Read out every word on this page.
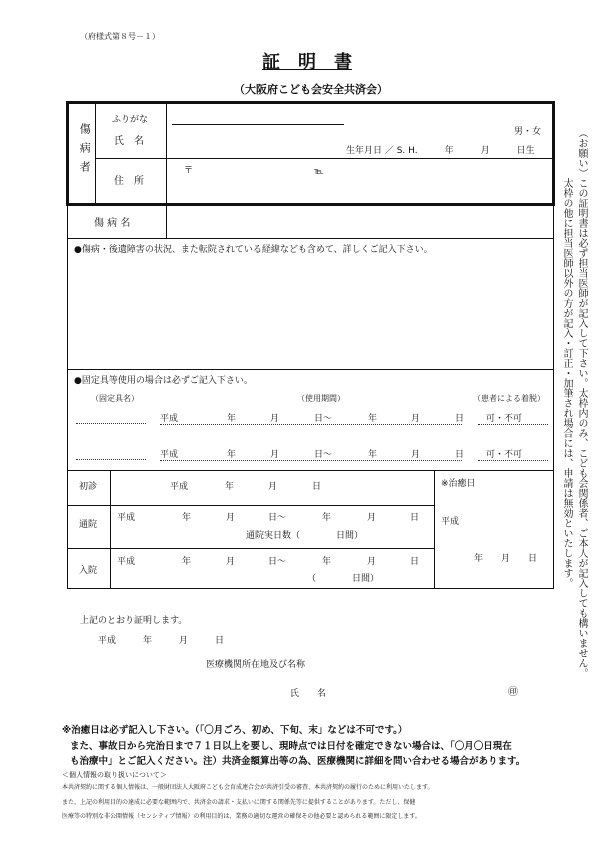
（府様式第８号－１）
証　明　書
（大阪府こども会安全共済会）
傷病者
ふりがな
氏　名
男・女
生年月日 ／ S. H.　　　年　　　月　　　日生
住　所
〒	℡
傷 病 名
●傷病・後遺障害の状況、また転院されている経緯なども含めて、詳しくご記入下さい。
●固定具等使用の場合は必ずご記入下さい。
（固定具名）	（使用期間）	（患者による着脱）
平成	年	月	日～	年	月	日 可・不可
平成	年	月	日～	年	月	日 可・不可
初診	平成	年	月	日
通院
平成	年	月	日～	年	月	日
通院実日数（　　　　日間）
入院
平成	年	月	日～	年	月	日
（　　　　日間）
※治癒日
平成
年　　月　　日
上記のとおり証明します。
平成　　　年　　　月　　　日
医療機関所在地及び名称
氏　　名	㊞
※治癒日は必ず記入し下さい。（「〇月ごろ、初め、下旬、末」などは不可です。）
また、事故日から完治日まで７１日以上を要し、現時点では日付を確定できない場合は、「〇月〇日現在
も治療中」とご記入ください。注）共済金額算出等の為、医療機関に詳細を問い合わせる場合があります。
＜個人情報の取り扱いについて＞
本共済契約に関する個人情報は、一般財団法人大阪府こども会育成連合会が共済引受の審査、本共済契約の履行のために利用いたします。
また、上記の利用目的の達成に必要な範囲内で、共済金の請求・支払いに関する関係先等に提供することがあります。ただし、保健
医療等の特別な非公開情報（センシティブ情報）の利用目的は、業務の適切な運営の確保その他必要と認められる範囲に限定します。
（お願い）この証明書は必ず担当医師が記入して下さい。太枠内のみ、こども会関係者、ご本人が記入しても構いません。
太枠の他に担当医師以外の方が記入・訂正・加筆され場合には、申請は無効といたします。
